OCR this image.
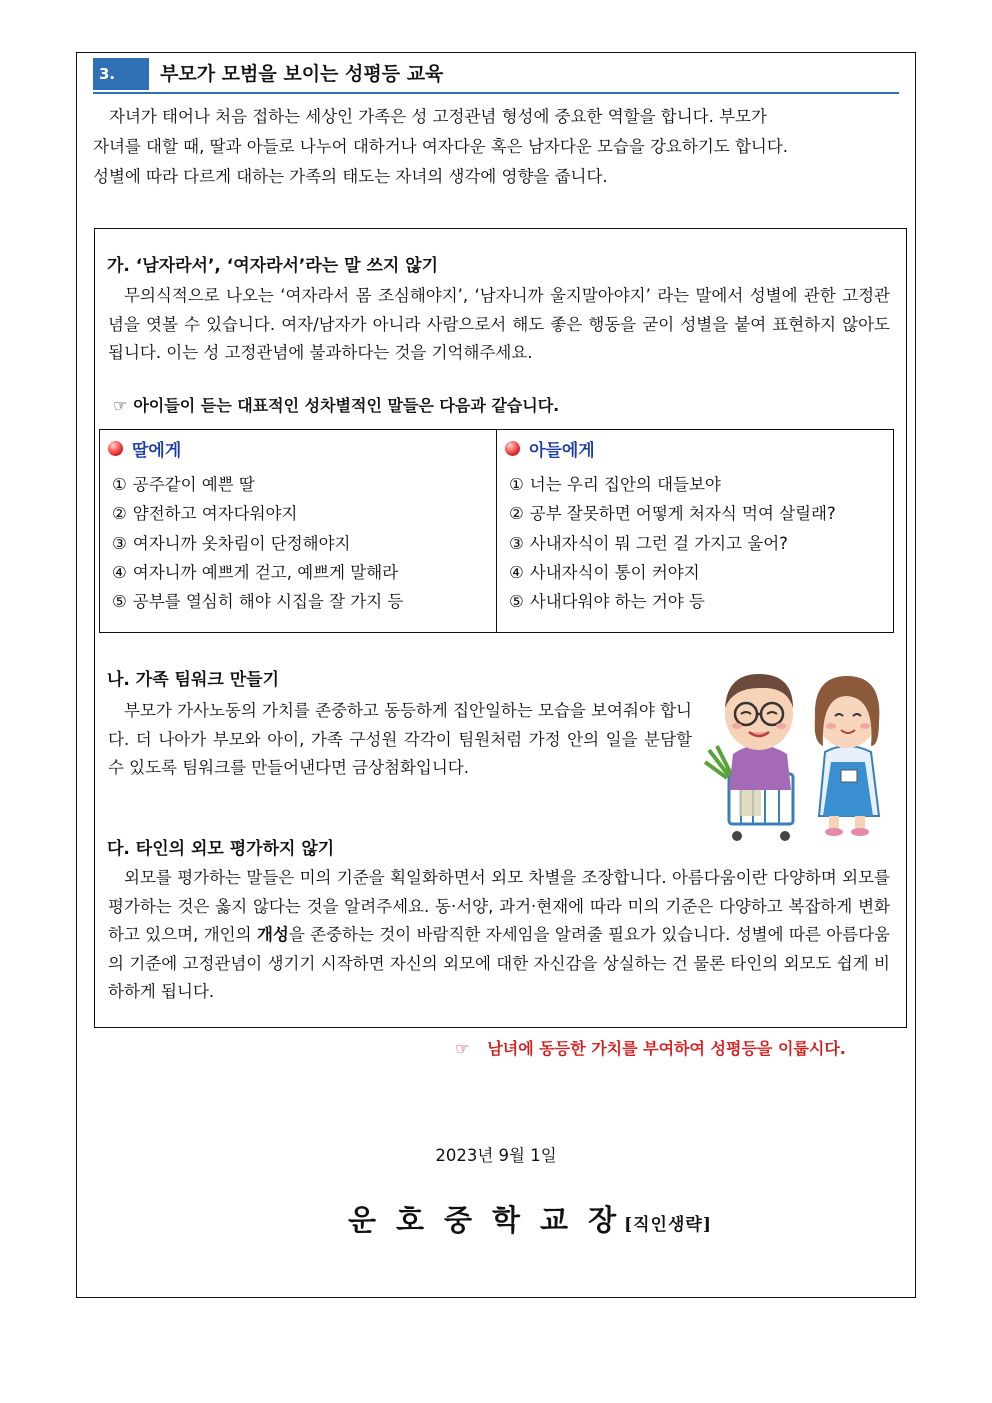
3.	부모가 모범을 보이는 성평등 교육
자녀가 태어나 처음 접하는 세상인 가족은 성 고정관념 형성에 중요한 역할을 합니다. 부모가
자녀를 대할 때, 딸과 아들로 나누어 대하거나 여자다운 혹은 남자다운 모습을 강요하기도 합니다.
성별에 따라 다르게 대하는 가족의 태도는 자녀의 생각에 영향을 줍니다.
가. ‘남자라서’, ‘여자라서’라는 말 쓰지 않기

무의식적으로 나오는 ‘여자라서 몸 조심해야지’, ‘남자니까 울지말아야지’ 라는 말에서 성별에 관한 고정관념을 엿볼 수 있습니다. 여자/남자가 아니라 사람으로서 해도 좋은 행동을 굳이 성별을 붙여 표현하지 않아도 됩니다. 이는 성 고정관념에 불과하다는 것을 기억해주세요.

☞ 아이들이 듣는 대표적인 성차별적인 말들은 다음과 같습니다.
딸에게
① 공주같이 예쁜 딸
② 얌전하고 여자다워야지
③ 여자니까 옷차림이 단정해야지
④ 여자니까 예쁘게 걷고, 예쁘게 말해라
⑤ 공부를 열심히 해야 시집을 잘 가지 등
아들에게
① 너는 우리 집안의 대들보야
② 공부 잘못하면 어떻게 처자식 먹여 살릴래?
③ 사내자식이 뭐 그런 걸 가지고 울어?
④ 사내자식이 통이 커야지
⑤ 사내다워야 하는 거야 등
나. 가족 팀워크 만들기

부모가 가사노동의 가치를 존중하고 동등하게 집안일하는 모습을 보여줘야 합니다. 더 나아가 부모와 아이, 가족 구성원 각각이 팀원처럼 가정 안의 일을 분담할 수 있도록 팀워크를 만들어낸다면 금상첨화입니다.

다. 타인의 외모 평가하지 않기

외모를 평가하는 말들은 미의 기준을 획일화하면서 외모 차별을 조장합니다. 아름다움이란 다양하며 외모를 평가하는 것은 옳지 않다는 것을 알려주세요. 동·서양, 과거·현재에 따라 미의 기준은 다양하고 복잡하게 변화하고 있으며, 개인의 개성을 존중하는 것이 바람직한 자세임을 알려줄 필요가 있습니다. 성별에 따른 아름다움의 기준에 고정관념이 생기기 시작하면 자신의 외모에 대한 자신감을 상실하는 건 물론 타인의 외모도 쉽게 비하하게 됩니다.

☞ 남녀에 동등한 가치를 부여하여 성평등을 이룹시다.
2023년 9월 1일
운호중학교장
[직인생략]
